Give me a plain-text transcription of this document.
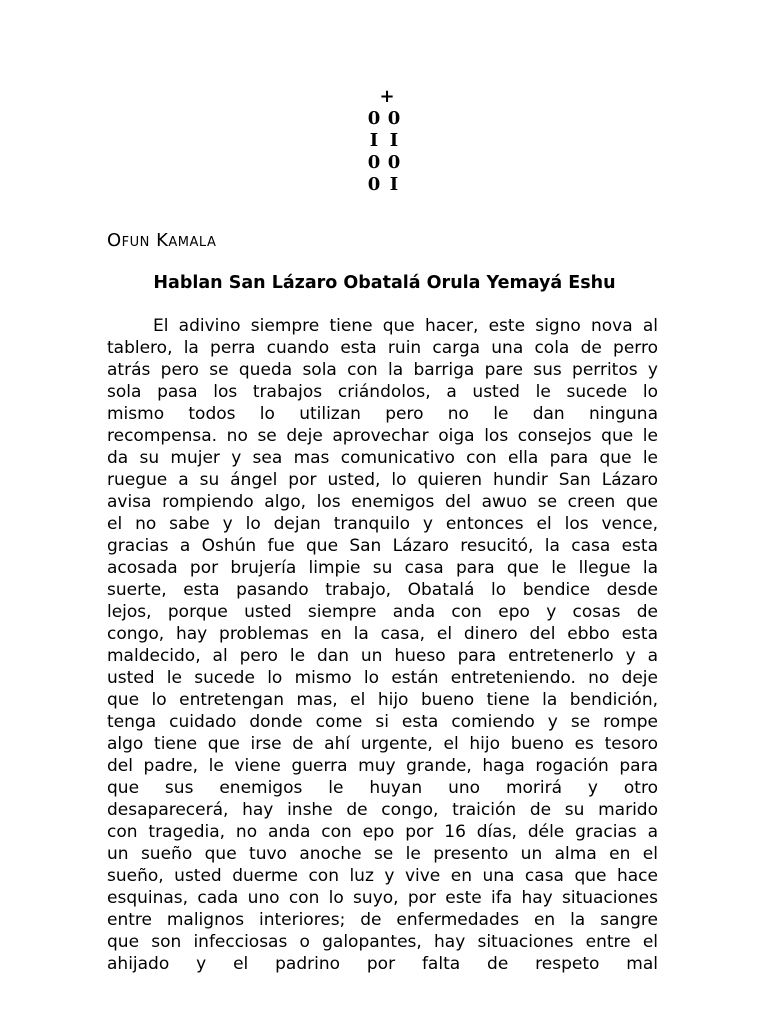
+
0 0
I I
0 0
0 I
Ofun Kamala
Hablan San Lázaro Obatalá Orula Yemayá Eshu
El adivino siempre tiene que hacer, este signo nova al
tablero, la perra cuando esta ruin carga una cola de perro
atrás pero se queda sola con la barriga pare sus perritos y
sola pasa los trabajos criándolos, a usted le sucede lo
mismo todos lo utilizan pero no le dan ninguna
recompensa. no se deje aprovechar oiga los consejos que le
da su mujer y sea mas comunicativo con ella para que le
ruegue a su ángel por usted, lo quieren hundir San Lázaro
avisa rompiendo algo, los enemigos del awuo se creen que
el no sabe y lo dejan tranquilo y entonces el los vence,
gracias a Oshún fue que San Lázaro resucitó, la casa esta
acosada por brujería limpie su casa para que le llegue la
suerte, esta pasando trabajo, Obatalá lo bendice desde
lejos, porque usted siempre anda con epo y cosas de
congo, hay problemas en la casa, el dinero del ebbo esta
maldecido, al pero le dan un hueso para entretenerlo y a
usted le sucede lo mismo lo están entreteniendo. no deje
que lo entretengan mas, el hijo bueno tiene la bendición,
tenga cuidado donde come si esta comiendo y se rompe
algo tiene que irse de ahí urgente, el hijo bueno es tesoro
del padre, le viene guerra muy grande, haga rogación para
que sus enemigos le huyan uno morirá y otro
desaparecerá, hay inshe de congo, traición de su marido
con tragedia, no anda con epo por 16 días, déle gracias a
un sueño que tuvo anoche se le presento un alma en el
sueño, usted duerme con luz y vive en una casa que hace
esquinas, cada uno con lo suyo, por este ifa hay situaciones
entre malignos interiores; de enfermedades en la sangre
que son infecciosas o galopantes, hay situaciones entre el
ahijado y el padrino por falta de respeto mal
